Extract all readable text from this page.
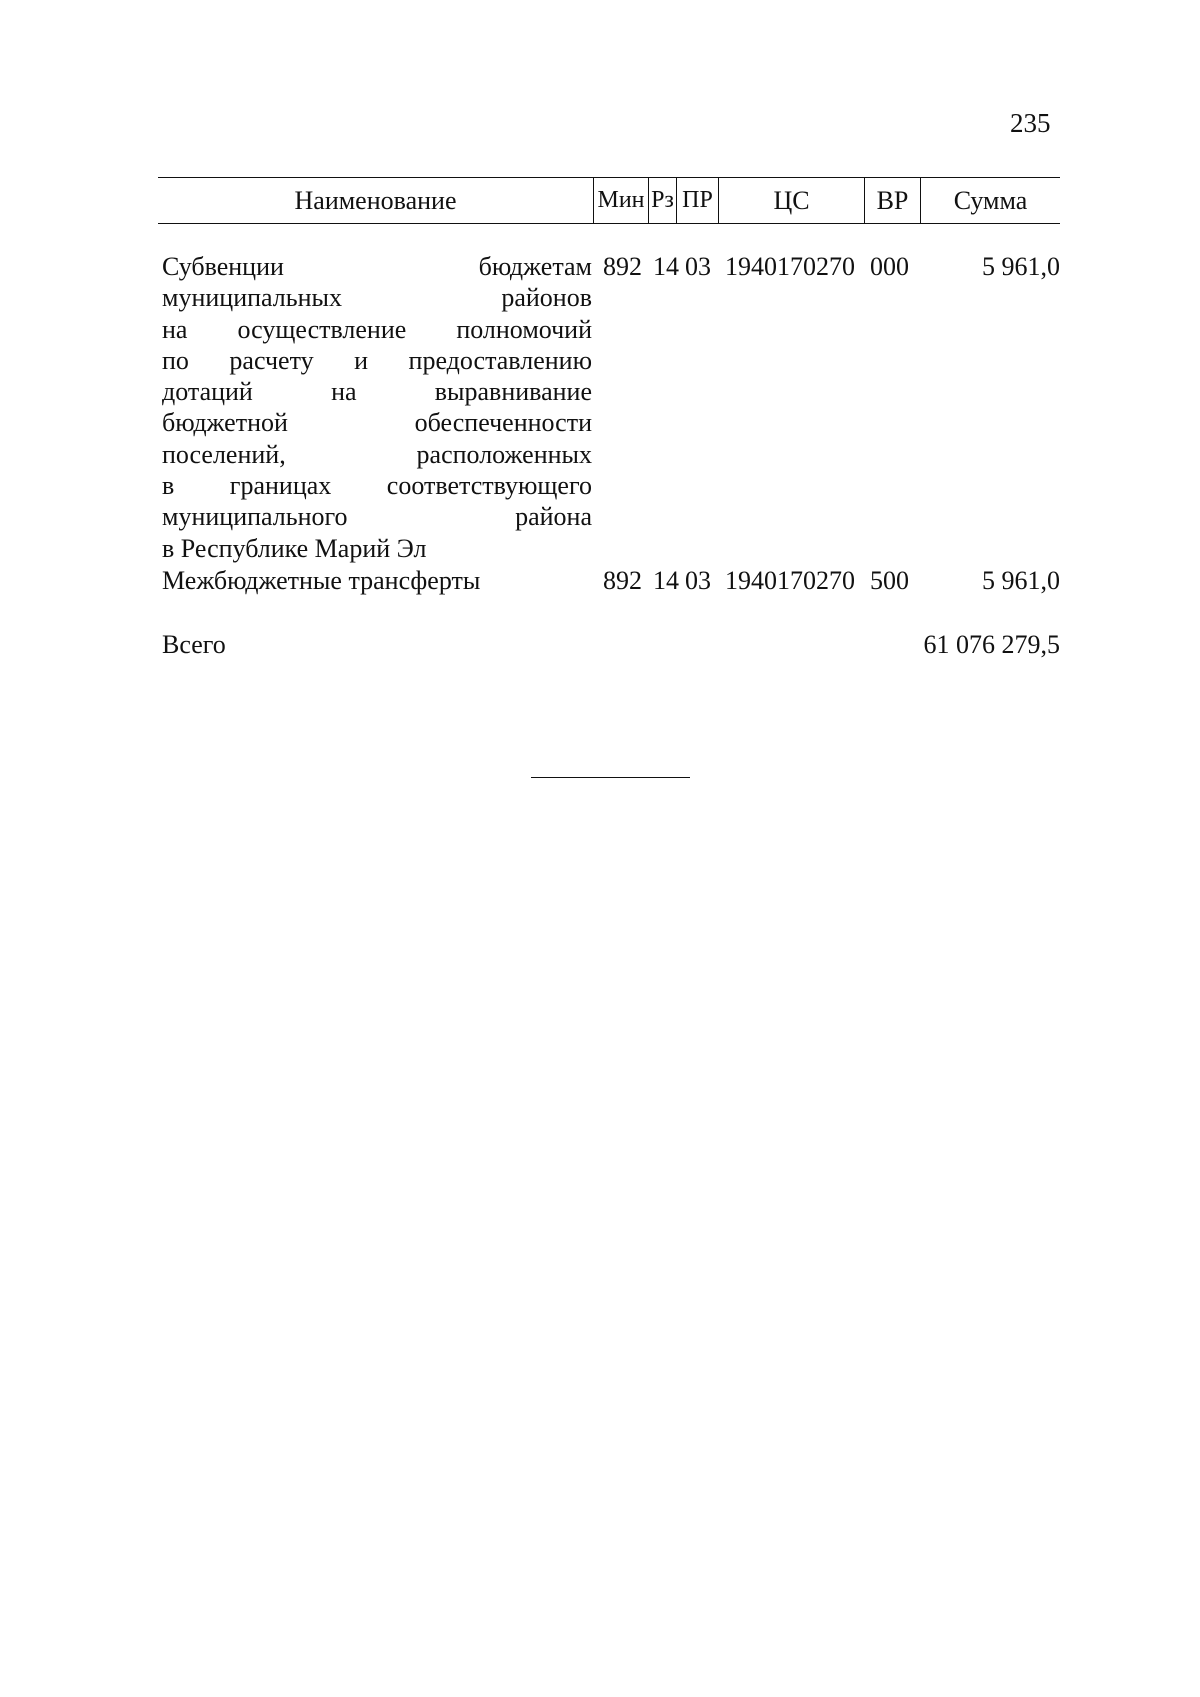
235
Наименование	Мин Рз ПР	ЦС	ВР	Сумма
Субвенции бюджетам
муниципальных районов
на осуществление полномочий
по расчету и предоставлению
дотаций на выравнивание
бюджетной обеспеченности
поселений, расположенных
в границах соответствующего
муниципального района
в Республике Марий Эл
892 14 03 1940170270 000	5 961,0
Межбюджетные трансферты	892 14 03 1940170270 500	5 961,0
Всего	61 076 279,5
